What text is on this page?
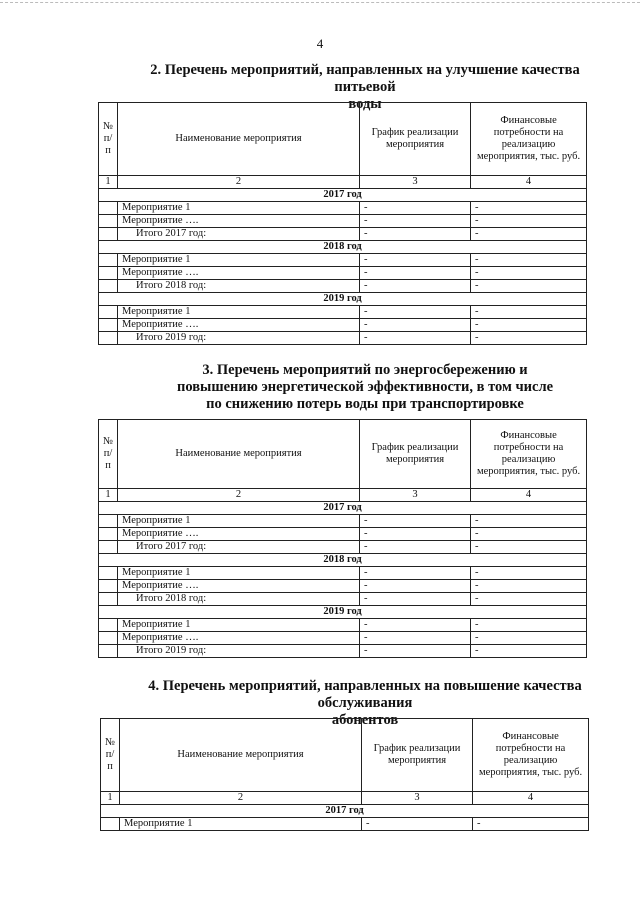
4
2. Перечень мероприятий, направленных на улучшение качества питьевой
воды
№ п/п	Наименование мероприятия	График реализации мероприятия	Финансовые потребности на реализацию мероприятия, тыс. руб.
1	2	3	4
2017 год			
	Мероприятие 1	-	-
	Мероприятие ….	-	-
	Итого 2017 год:	-	-
2018 год			
	Мероприятие 1	-	-
	Мероприятие ….	-	-
	Итого 2018 год:	-	-
2019 год			
	Мероприятие 1	-	-
	Мероприятие ….	-	-
	Итого 2019 год:	-	-
3. Перечень мероприятий по энергосбережению и
повышению энергетической эффективности, в том числе
по снижению потерь воды при транспортировке
№ п/п	Наименование мероприятия	График реализации мероприятия	Финансовые потребности на реализацию мероприятия, тыс. руб.
1	2	3	4
2017 год			
	Мероприятие 1	-	-
	Мероприятие ….	-	-
	Итого 2017 год:	-	-
2018 год			
	Мероприятие 1	-	-
	Мероприятие ….	-	-
	Итого 2018 год:	-	-
2019 год			
	Мероприятие 1	-	-
	Мероприятие ….	-	-
	Итого 2019 год:	-	-
4. Перечень мероприятий, направленных на повышение качества обслуживания
абонентов
№ п/п	Наименование мероприятия	График реализации мероприятия	Финансовые потребности на реализацию мероприятия, тыс. руб.
1	2	3	4
2017 год			
	Мероприятие 1	-	-
